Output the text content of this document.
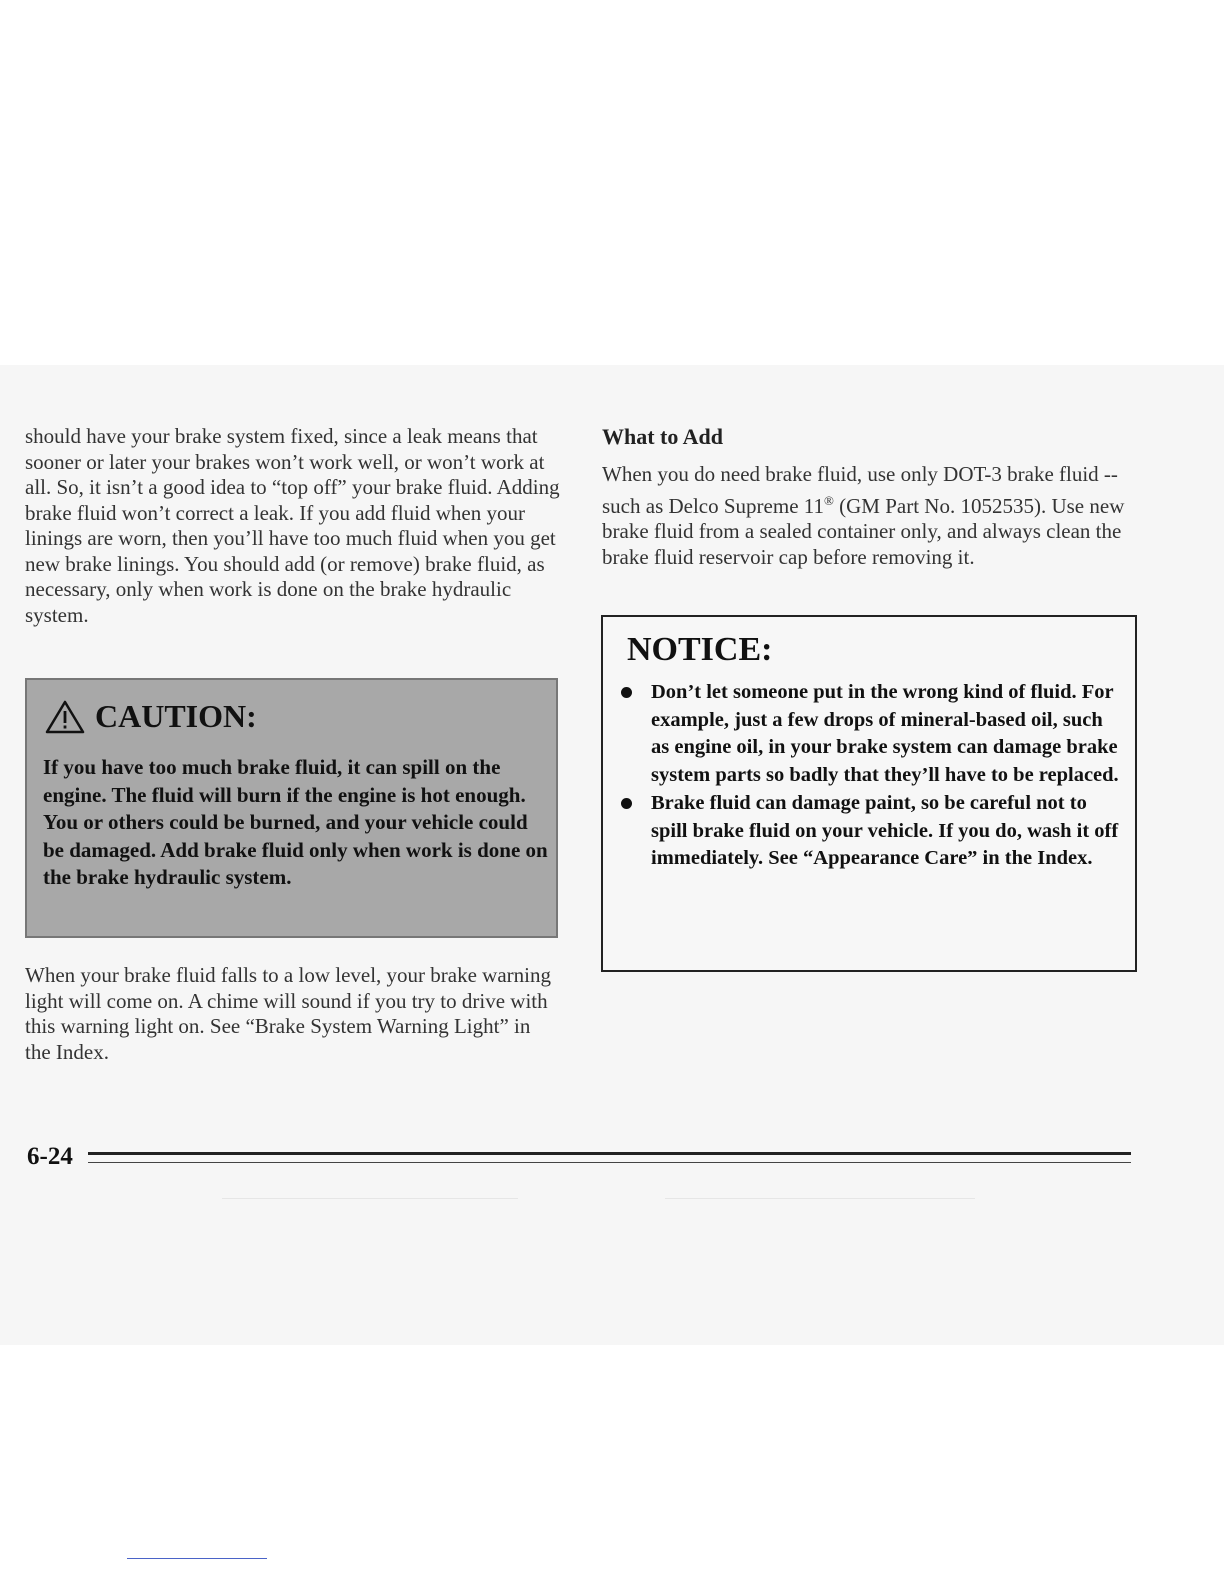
should have your brake system fixed, since a leak means that sooner or later your brakes won’t work well, or won’t work at all. So, it isn’t a good idea to “top off” your brake fluid. Adding brake fluid won’t correct a leak. If you add fluid when your linings are worn, then you’ll have too much fluid when you get new brake linings. You should add (or remove) brake fluid, as necessary, only when work is done on the brake hydraulic system.

CAUTION:

If you have too much brake fluid, it can spill on the engine. The fluid will burn if the engine is hot enough. You or others could be burned, and your vehicle could be damaged. Add brake fluid only when work is done on the brake hydraulic system.

When your brake fluid falls to a low level, your brake warning light will come on. A chime will sound if you try to drive with this warning light on. See “Brake System Warning Light” in the Index.

What to Add

When you do need brake fluid, use only DOT-3 brake fluid -- such as Delco Supreme 11® (GM Part No. 1052535). Use new brake fluid from a sealed container only, and always clean the brake fluid reservoir cap before removing it.

NOTICE:
Don’t let someone put in the wrong kind of fluid. For example, just a few drops of mineral-based oil, such as engine oil, in your brake system can damage brake system parts so badly that they’ll have to be replaced.
Brake fluid can damage paint, so be careful not to spill brake fluid on your vehicle. If you do, wash it off immediately. See “Appearance Care” in the Index.
6-24
